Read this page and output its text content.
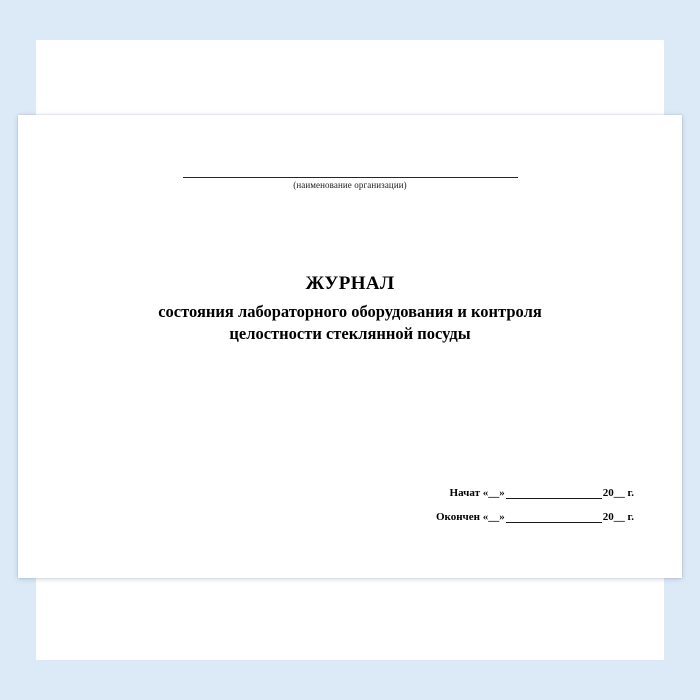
(наименование организации)
ЖУРНАЛ
состояния лабораторного оборудования и контроля
целостности стеклянной посуды
Начат «__»	20__ г.
Окончен «__»	20__ г.
